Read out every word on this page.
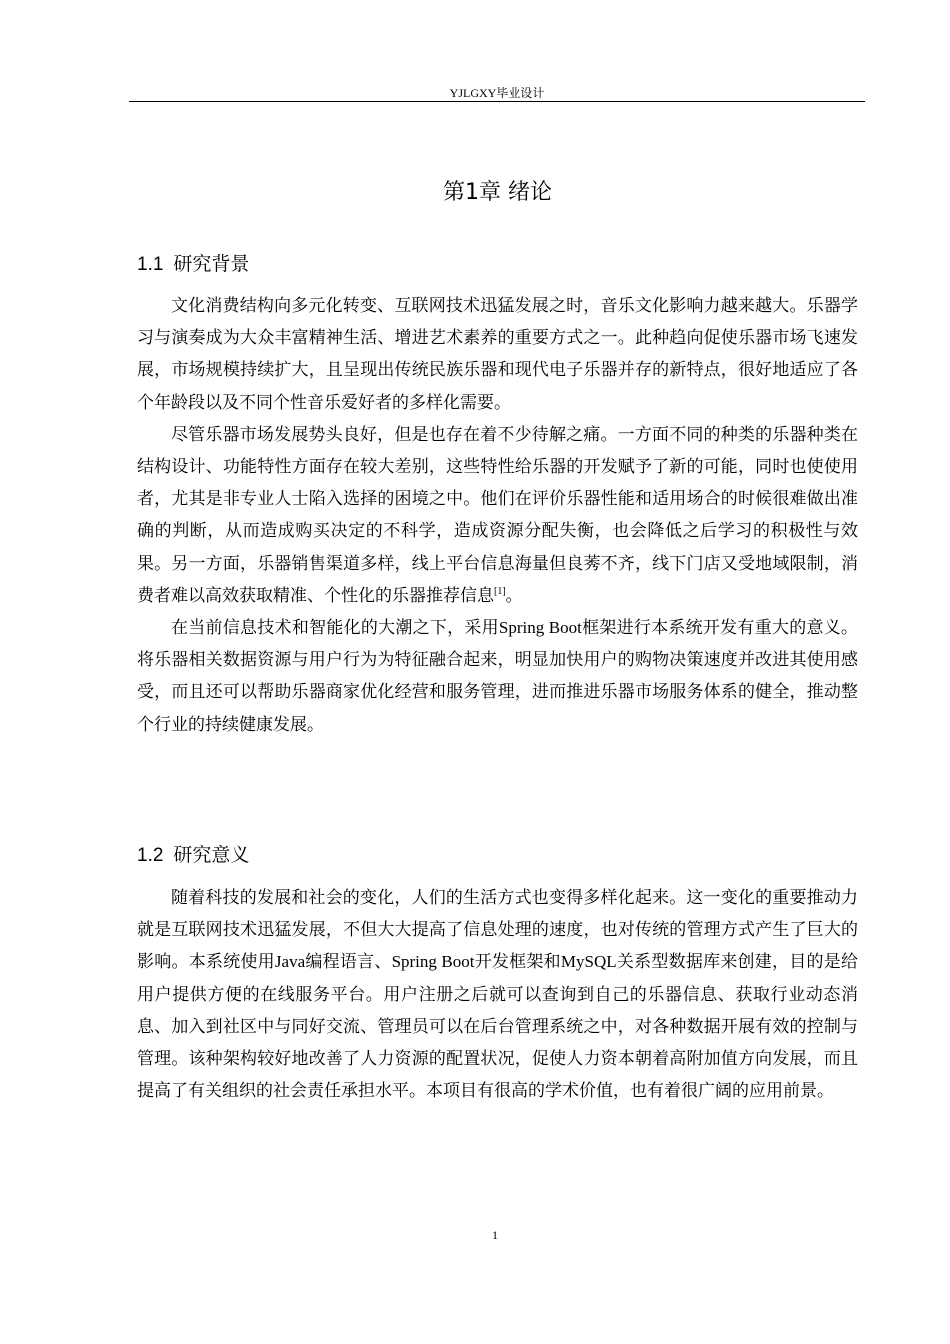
YJLGXY毕业设计
第1章 绪论
1.1 研究背景

文化消费结构向多元化转变、互联网技术迅猛发展之时，音乐文化影响力越来越大。乐器学习与演奏成为大众丰富精神生活、增进艺术素养的重要方式之一。此种趋向促使乐器市场飞速发展，市场规模持续扩大，且呈现出传统民族乐器和现代电子乐器并存的新特点，很好地适应了各个年龄段以及不同个性音乐爱好者的多样化需要。

尽管乐器市场发展势头良好，但是也存在着不少待解之痛。一方面不同的种类的乐器种类在结构设计、功能特性方面存在较大差别，这些特性给乐器的开发赋予了新的可能，同时也使使用者，尤其是非专业人士陷入选择的困境之中。他们在评价乐器性能和适用场合的时候很难做出准确的判断，从而造成购买决定的不科学，造成资源分配失衡，也会降低之后学习的积极性与效果。另一方面，乐器销售渠道多样，线上平台信息海量但良莠不齐，线下门店又受地域限制，消费者难以高效获取精准、个性化的乐器推荐信息[1]。

在当前信息技术和智能化的大潮之下，采用Spring Boot框架进行本系统开发有重大的意义。将乐器相关数据资源与用户行为为特征融合起来，明显加快用户的购物决策速度并改进其使用感受，而且还可以帮助乐器商家优化经营和服务管理，进而推进乐器市场服务体系的健全，推动整个行业的持续健康发展。

1.2 研究意义

随着科技的发展和社会的变化，人们的生活方式也变得多样化起来。这一变化的重要推动力就是互联网技术迅猛发展，不但大大提高了信息处理的速度，也对传统的管理方式产生了巨大的影响。本系统使用Java编程语言、Spring Boot开发框架和MySQL关系型数据库来创建，目的是给用户提供方便的在线服务平台。用户注册之后就可以查询到自己的乐器信息、获取行业动态消息、加入到社区中与同好交流、管理员可以在后台管理系统之中，对各种数据开展有效的控制与管理。该种架构较好地改善了人力资源的配置状况，促使人力资本朝着高附加值方向发展，而且提高了有关组织的社会责任承担水平。本项目有很高的学术价值，也有着很广阔的应用前景。

1
